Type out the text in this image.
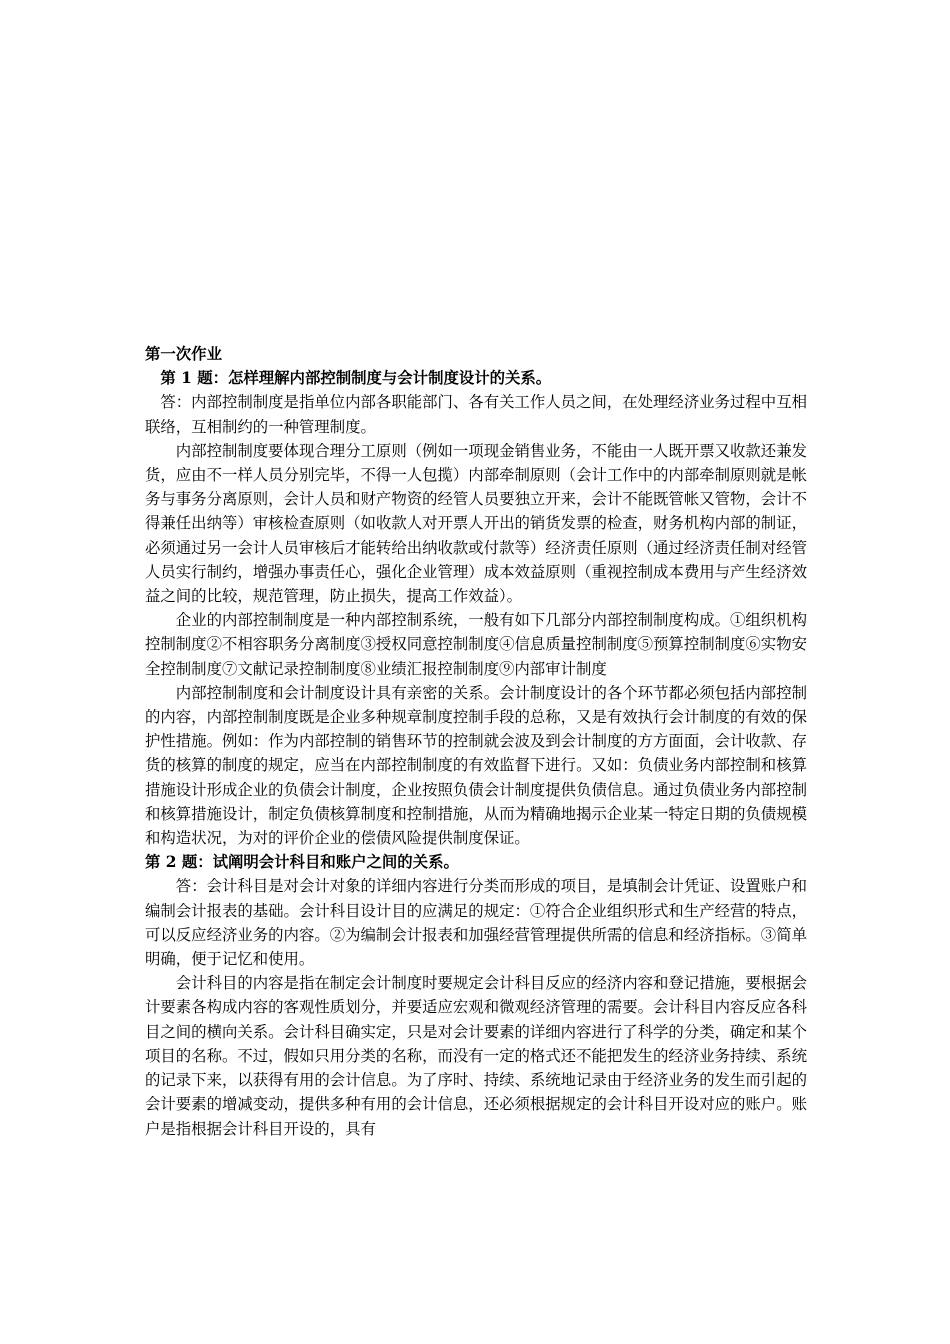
第一次作业

第 1 题：怎样理解内部控制制度与会计制度设计的关系。

答：内部控制制度是指单位内部各职能部门、各有关工作人员之间，在处理经济业务过程中互相联络，互相制约的一种管理制度。

内部控制制度要体现合理分工原则（例如一项现金销售业务，不能由一人既开票又收款还兼发货，应由不一样人员分别完毕，不得一人包揽）内部牵制原则（会计工作中的内部牵制原则就是帐务与事务分离原则，会计人员和财产物资的经管人员要独立开来，会计不能既管帐又管物，会计不得兼任出纳等）审核检查原则（如收款人对开票人开出的销货发票的检查，财务机构内部的制证，必须通过另一会计人员审核后才能转给出纳收款或付款等）经济责任原则（通过经济责任制对经管人员实行制约，增强办事责任心，强化企业管理）成本效益原则（重视控制成本费用与产生经济效益之间的比较，规范管理，防止损失，提高工作效益）。

企业的内部控制制度是一种内部控制系统，一般有如下几部分内部控制制度构成。①组织机构控制制度②不相容职务分离制度③授权同意控制制度④信息质量控制制度⑤预算控制制度⑥实物安全控制制度⑦文献记录控制制度⑧业绩汇报控制制度⑨内部审计制度

内部控制制度和会计制度设计具有亲密的关系。会计制度设计的各个环节都必须包括内部控制的内容，内部控制制度既是企业多种规章制度控制手段的总称，又是有效执行会计制度的有效的保护性措施。例如：作为内部控制的销售环节的控制就会波及到会计制度的方方面面，会计收款、存货的核算的制度的规定，应当在内部控制制度的有效监督下进行。又如：负债业务内部控制和核算措施设计形成企业的负债会计制度，企业按照负债会计制度提供负债信息。通过负债业务内部控制和核算措施设计，制定负债核算制度和控制措施，从而为精确地揭示企业某一特定日期的负债规模和构造状况，为对的评价企业的偿债风险提供制度保证。

第 2 题：试阐明会计科目和账户之间的关系。

答：会计科目是对会计对象的详细内容进行分类而形成的项目，是填制会计凭证、设置账户和编制会计报表的基础。会计科目设计目的应满足的规定：①符合企业组织形式和生产经营的特点，可以反应经济业务的内容。②为编制会计报表和加强经营管理提供所需的信息和经济指标。③简单明确，便于记忆和使用。

会计科目的内容是指在制定会计制度时要规定会计科目反应的经济内容和登记措施，要根据会计要素各构成内容的客观性质划分，并要适应宏观和微观经济管理的需要。会计科目内容反应各科目之间的横向关系。会计科目确实定，只是对会计要素的详细内容进行了科学的分类，确定和某个项目的名称。不过，假如只用分类的名称，而没有一定的格式还不能把发生的经济业务持续、系统的记录下来，以获得有用的会计信息。为了序时、持续、系统地记录由于经济业务的发生而引起的会计要素的增减变动，提供多种有用的会计信息，还必须根据规定的会计科目开设对应的账户。账户是指根据会计科目开设的，具有
